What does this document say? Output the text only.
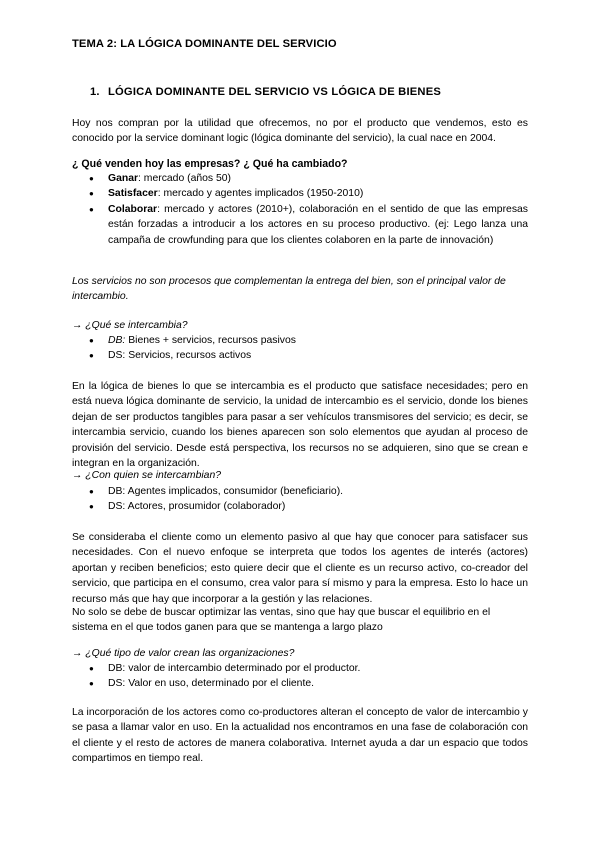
TEMA 2: LA LÓGICA DOMINANTE DEL SERVICIO
1. LÓGICA DOMINANTE DEL SERVICIO VS LÓGICA DE BIENES
Hoy nos compran por la utilidad que ofrecemos, no por el producto que vendemos, esto es conocido por la service dominant logic (lógica dominante del servicio), la cual nace en 2004.
¿ Qué venden hoy las empresas? ¿ Qué ha cambiado?
● Ganar: mercado (años 50)
● Satisfacer: mercado y agentes implicados (1950-2010)
● Colaborar: mercado y actores (2010+), colaboración en el sentido de que las empresas están forzadas a introducir a los actores en su proceso productivo. (ej: Lego lanza una campaña de crowfunding para que los clientes colaboren en la parte de innovación)
Los servicios no son procesos que complementan la entrega del bien, son el principal valor de intercambio.
→ ¿Qué se intercambia?
● DB: Bienes + servicios, recursos pasivos
● DS: Servicios, recursos activos
En la lógica de bienes lo que se intercambia es el producto que satisface necesidades; pero en está nueva lógica dominante de servicio, la unidad de intercambio es el servicio, donde los bienes dejan de ser productos tangibles para pasar a ser vehículos transmisores del servicio; es decir, se intercambia servicio, cuando los bienes aparecen son solo elementos que ayudan al proceso de provisión del servicio. Desde está perspectiva, los recursos no se adquieren, sino que se crean e integran en la organización.
→ ¿Con quien se intercambian?
● DB: Agentes implicados, consumidor (beneficiario).
● DS: Actores, prosumidor (colaborador)
Se consideraba el cliente como un elemento pasivo al que hay que conocer para satisfacer sus necesidades. Con el nuevo enfoque se interpreta que todos los agentes de interés (actores) aportan y reciben beneficios; esto quiere decir que el cliente es un recurso activo, co-creador del servicio, que participa en el consumo, crea valor para sí mismo y para la empresa. Esto lo hace un recurso más que hay que incorporar a la gestión y las relaciones.
No solo se debe de buscar optimizar las ventas, sino que hay que buscar el equilibrio en el sistema en el que todos ganen para que se mantenga a largo plazo
→ ¿Qué tipo de valor crean las organizaciones?
● DB: valor de intercambio determinado por el productor.
● DS: Valor en uso, determinado por el cliente.
La incorporación de los actores como co-productores alteran el concepto de valor de intercambio y se pasa a llamar valor en uso. En la actualidad nos encontramos en una fase de colaboración con el cliente y el resto de actores de manera colaborativa. Internet ayuda a dar un espacio que todos compartimos en tiempo real.
